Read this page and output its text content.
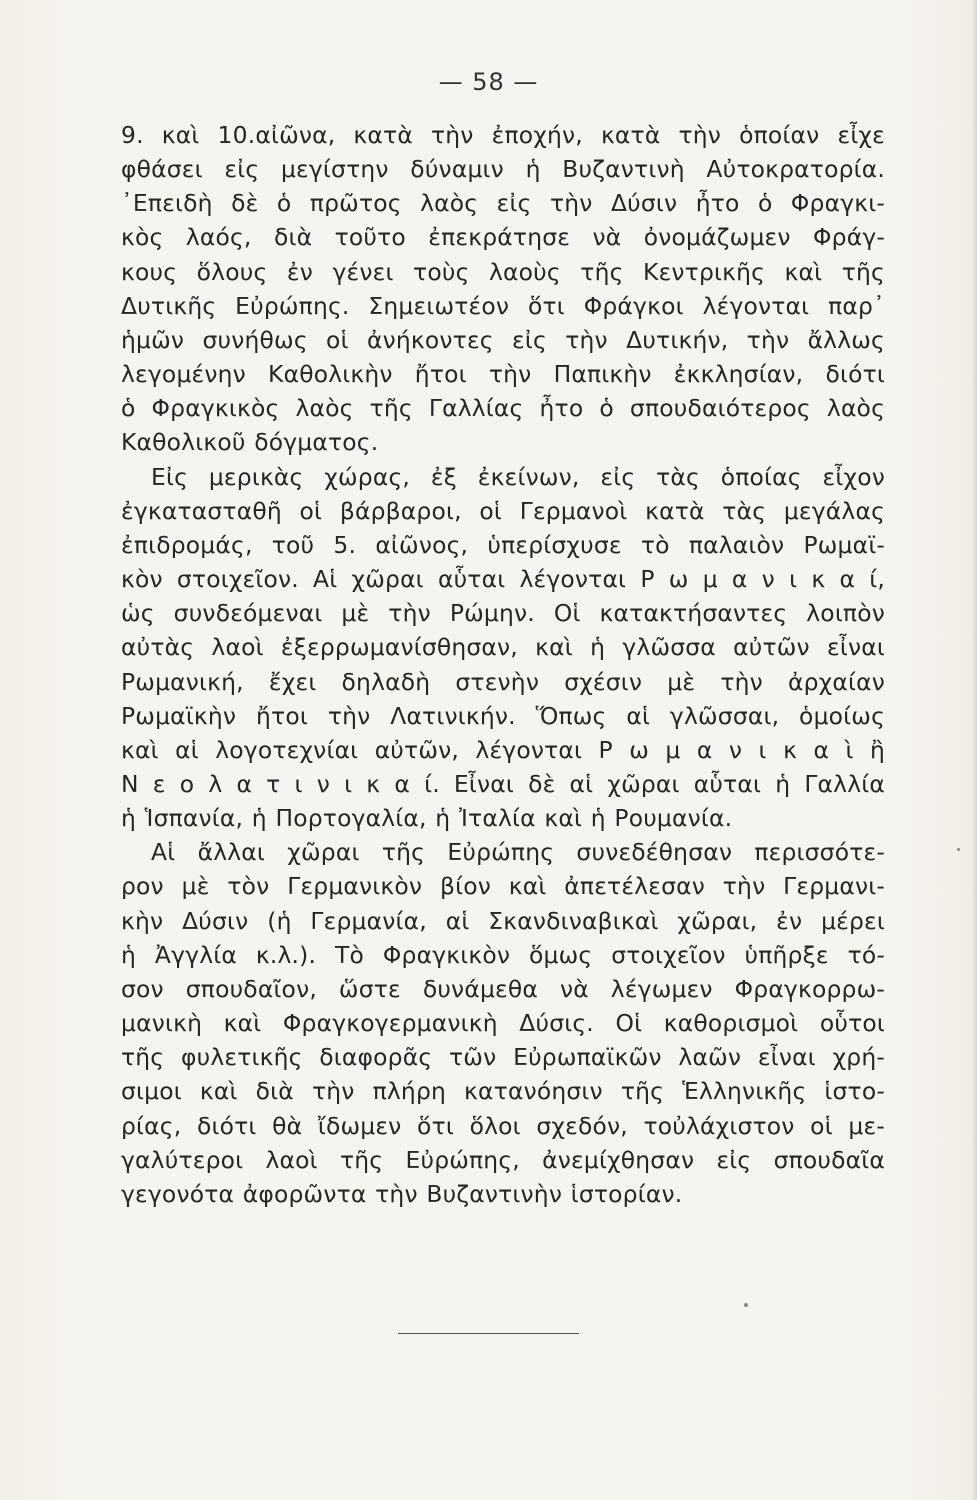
— 58 —
9. καὶ 10.αἰῶνα, κατὰ τὴν ἐποχήν, κατὰ τὴν ὁποίαν εἶχε
φθάσει εἰς μεγίστην δύναμιν ἡ Βυζαντινὴ Αὐτοκρατορία.
᾿Επειδὴ δὲ ὁ πρῶτος λαὸς εἰς τὴν Δύσιν ἦτο ὁ Φραγκι-
κὸς λαός, διὰ τοῦτο ἐπεκράτησε νὰ ὀνομάζωμεν Φράγ-
κους ὅλους ἐν γένει τοὺς λαοὺς τῆς Κεντρικῆς καὶ τῆς
Δυτικῆς Εὐρώπης. Σημειωτέον ὅτι Φράγκοι λέγονται παρ᾿
ἡμῶν συνήθως οἱ ἀνήκοντες εἰς τὴν Δυτικήν, τὴν ἄλλως
λεγομένην Καθολικὴν ἤτοι τὴν Παπικὴν ἐκκλησίαν, διότι
ὁ Φραγκικὸς λαὸς τῆς Γαλλίας ἦτο ὁ σπουδαιότερος λαὸς
Καθολικοῦ δόγματος.
Εἰς μερικὰς χώρας, ἐξ ἐκείνων, εἰς τὰς ὁποίας εἶχον
ἐγκατασταθῆ οἱ βάρβαροι, οἱ Γερμανοὶ κατὰ τὰς μεγάλας
ἐπιδρομάς, τοῦ 5. αἰῶνος, ὑπερίσχυσε τὸ παλαιὸν Ρωμαϊ-
κὸν στοιχεῖον. Αἱ χῶραι αὗται λέγονται Ρ ω μ α ν ι κ α ί,
ὡς συνδεόμεναι μὲ τὴν Ρώμην. Οἱ κατακτήσαντες λοιπὸν
αὐτὰς λαοὶ ἐξερρωμανίσθησαν, καὶ ἡ γλῶσσα αὐτῶν εἶναι
Ρωμανική, ἔχει δηλαδὴ στενὴν σχέσιν μὲ τὴν ἀρχαίαν
Ρωμαϊκὴν ἤτοι τὴν Λατινικήν. Ὅπως αἱ γλῶσσαι, ὁμοίως
καὶ αἱ λογοτεχνίαι αὐτῶν, λέγονται Ρ ω μ α ν ι κ α ὶ ἢ
Ν ε ο λ α τ ι ν ι κ α ί. Εἶναι δὲ αἱ χῶραι αὗται ἡ Γαλλία
ἡ Ἱσπανία, ἡ Πορτογαλία, ἡ Ἰταλία καὶ ἡ Ρουμανία.
Αἱ ἄλλαι χῶραι τῆς Εὐρώπης συνεδέθησαν περισσότε-
ρον μὲ τὸν Γερμανικὸν βίον καὶ ἀπετέλεσαν τὴν Γερμανι-
κὴν Δύσιν (ἡ Γερμανία, αἱ Σκανδιναβικαὶ χῶραι, ἐν μέρει
ἡ Ἀγγλία κ.λ.). Τὸ Φραγκικὸν ὅμως στοιχεῖον ὑπῆρξε τό-
σον σπουδαῖον, ὥστε δυνάμεθα νὰ λέγωμεν Φραγκορρω-
μανικὴ καὶ Φραγκογερμανικὴ Δύσις. Οἱ καθορισμοὶ οὗτοι
τῆς φυλετικῆς διαφορᾶς τῶν Εὐρωπαϊκῶν λαῶν εἶναι χρή-
σιμοι καὶ διὰ τὴν πλήρη κατανόησιν τῆς Ἑλληνικῆς ἱστο-
ρίας, διότι θὰ ἴδωμεν ὅτι ὅλοι σχεδόν, τοὐλάχιστον οἱ με-
γαλύτεροι λαοὶ τῆς Εὐρώπης, ἀνεμίχθησαν εἰς σπουδαῖα
γεγονότα ἀφορῶντα τὴν Βυζαντινὴν ἱστορίαν.
